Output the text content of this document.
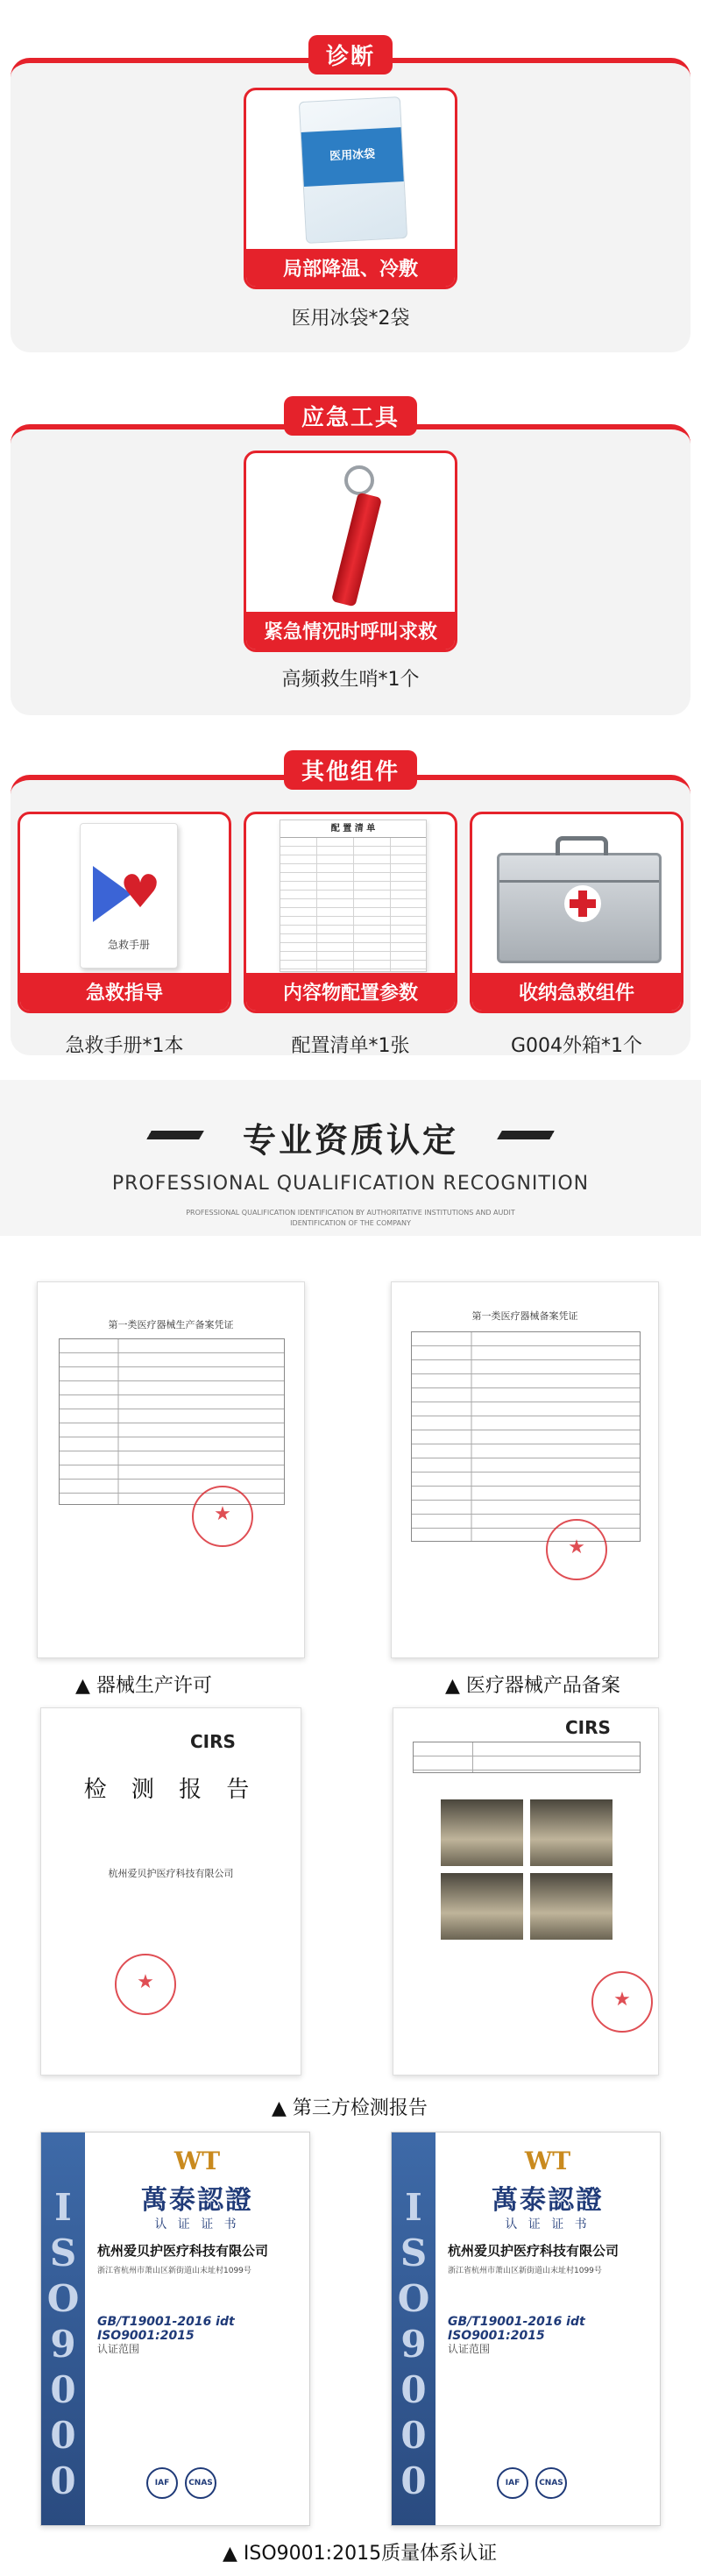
诊断
医用冰袋
局部降温、冷敷
医用冰袋*2袋
应急工具
紧急情况时呼叫求救
高频救生哨*1个
其他组件
♥
急救手册
急救指导
急救手册*1本
配 置 清 单
内容物配置参数
配置清单*1张
收纳急救组件
G004外箱*1个
专业资质认定
PROFESSIONAL QUALIFICATION RECOGNITION
PROFESSIONAL QUALIFICATION IDENTIFICATION BY AUTHORITATIVE INSTITUTIONS AND AUDIT
IDENTIFICATION OF THE COMPANY
第一类医疗器械生产备案凭证
★
▲ 器械生产许可
第一类医疗器械备案凭证
★
▲ 医疗器械产品备案
CIRS
检 测 报 告
杭州爱贝护医疗科技有限公司
★
CIRS
★
▲ 第三方检测报告
ISO9000
WT
萬泰認證
认 证 证 书
杭州爱贝护医疗科技有限公司
浙江省杭州市萧山区新街道山末址村1099号
GB/T19001-2016 idt ISO9001:2015
认证范围
IAF	CNAS
ISO9000
WT
萬泰認證
认 证 证 书
杭州爱贝护医疗科技有限公司
浙江省杭州市萧山区新街道山末址村1099号
GB/T19001-2016 idt ISO9001:2015
认证范围
IAF	CNAS
▲ ISO9001:2015质量体系认证
